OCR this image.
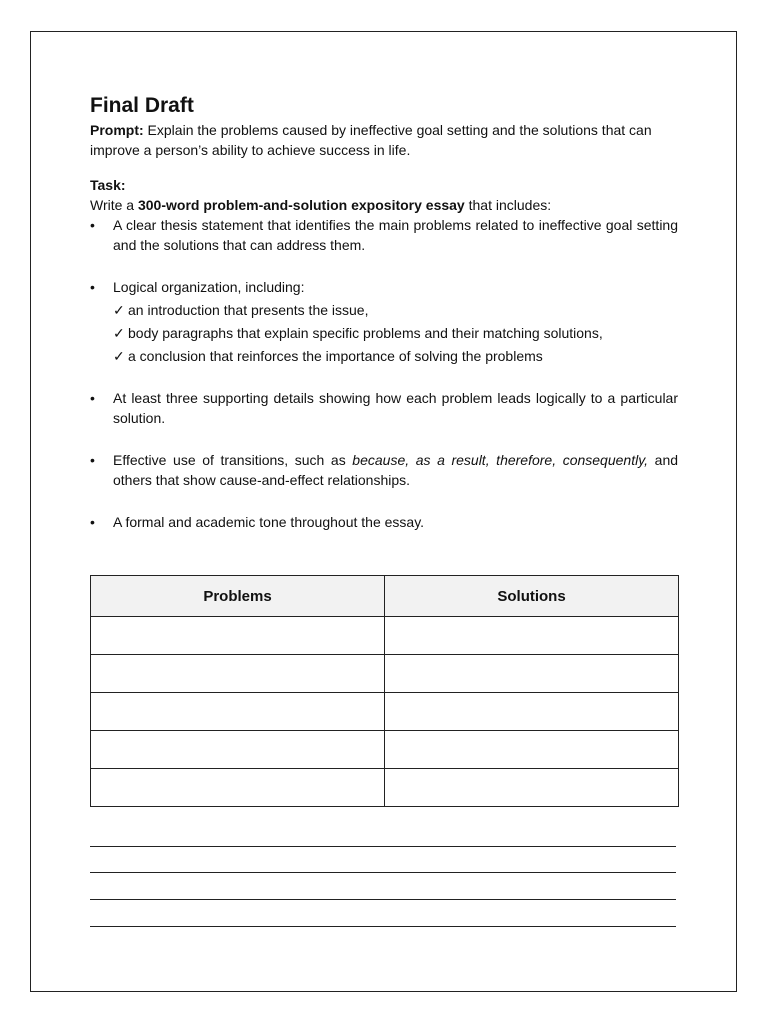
Final Draft

Prompt: Explain the problems caused by ineffective goal setting and the solutions that can improve a person’s ability to achieve success in life.

Task:

Write a 300-word problem-and-solution expository essay that includes:

• A clear thesis statement that identifies the main problems related to ineffective goal setting and the solutions that can address them.
• Logical organization, including:
✓ an introduction that presents the issue,
✓ body paragraphs that explain specific problems and their matching solutions,
✓ a conclusion that reinforces the importance of solving the problems
• At least three supporting details showing how each problem leads logically to a particular solution.
• Effective use of transitions, such as because, as a result, therefore, consequently, and others that show cause-and-effect relationships.
• A formal and academic tone throughout the essay.
Problems	Solutions
